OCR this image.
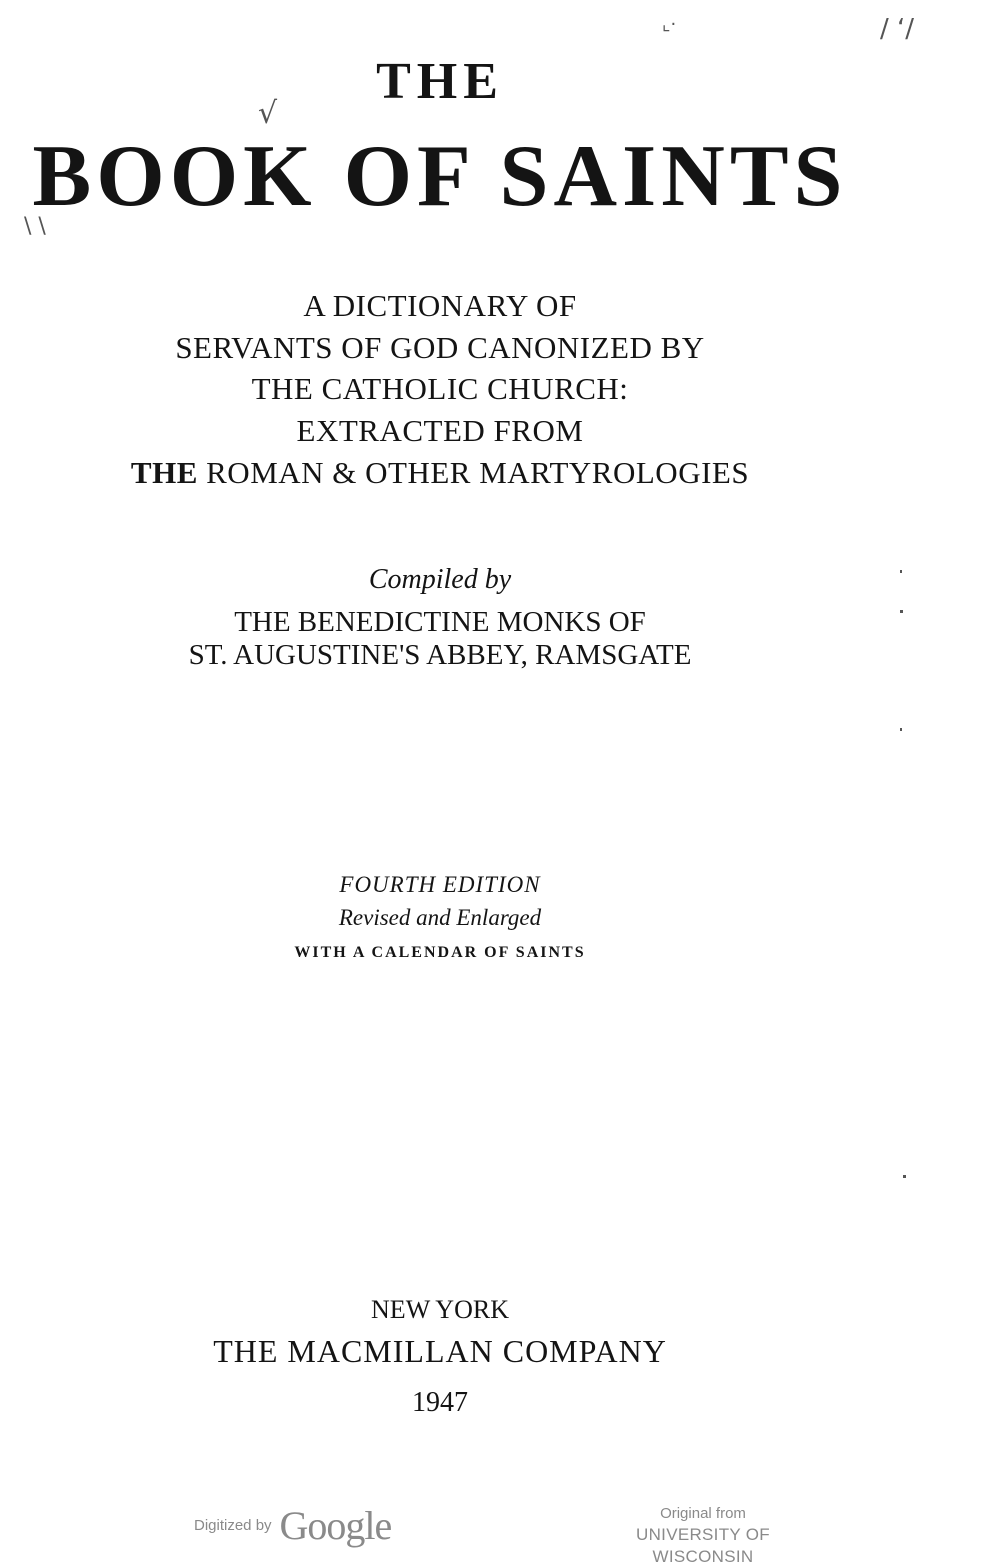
/ ‘/
⌞·
√
\ \

THE

BOOK OF SAINTS

A DICTIONARY OF

SERVANTS OF GOD CANONIZED BY

THE CATHOLIC CHURCH:

EXTRACTED FROM

THE ROMAN & OTHER MARTYROLOGIES

Compiled by

THE BENEDICTINE MONKS OF

ST. AUGUSTINE'S ABBEY, RAMSGATE

FOURTH EDITION

Revised and Enlarged

WITH A CALENDAR OF SAINTS

NEW YORK

THE MACMILLAN COMPANY

1947

Digitized by Google	Original from
UNIVERSITY OF WISCONSIN
